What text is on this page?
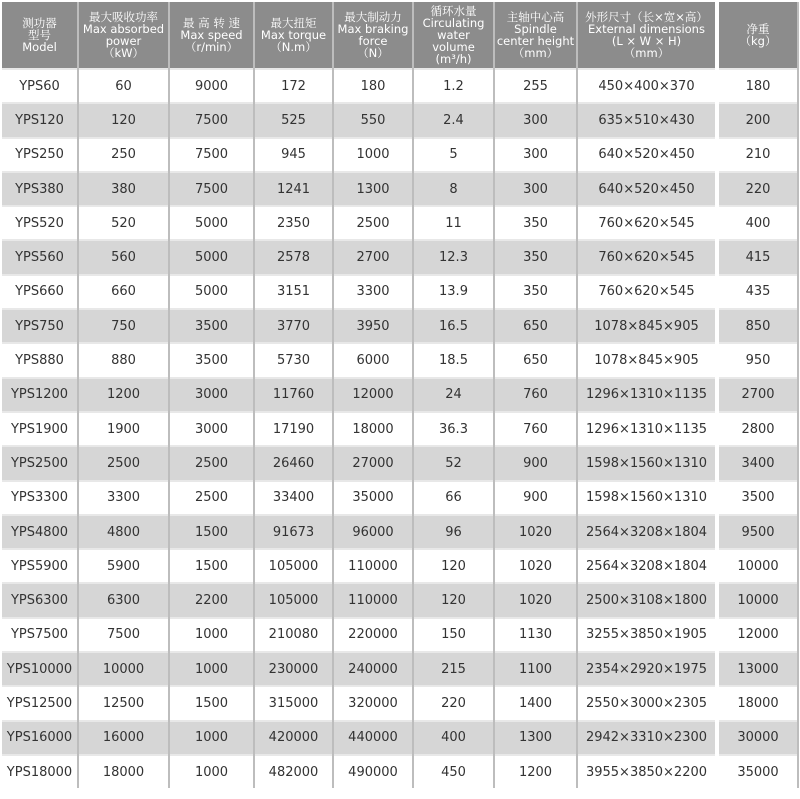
测功器
型号
Model	最大吸收功率
Max absorbed
power
（kW）	最 高 转 速
Max speed
（r/min）	最大扭矩
Max torque
（N.m）	最大制动力
Max braking
force
（N）	循环水量
Circulating
water volume
(m³/h)	主轴中心高
Spindle
center height
（mm）	外形尺寸（长×宽×高）
External dimensions
(L × W × H)
（mm）	净重
（kg）

YPS60	60	9000	172	180	1.2	255	450×400×370	180
YPS120	120	7500	525	550	2.4	300	635×510×430	200
YPS250	250	7500	945	1000	5	300	640×520×450	210
YPS380	380	7500	1241	1300	8	300	640×520×450	220
YPS520	520	5000	2350	2500	11	350	760×620×545	400
YPS560	560	5000	2578	2700	12.3	350	760×620×545	415
YPS660	660	5000	3151	3300	13.9	350	760×620×545	435
YPS750	750	3500	3770	3950	16.5	650	1078×845×905	850
YPS880	880	3500	5730	6000	18.5	650	1078×845×905	950
YPS1200	1200	3000	11760	12000	24	760	1296×1310×1135	2700
YPS1900	1900	3000	17190	18000	36.3	760	1296×1310×1135	2800
YPS2500	2500	2500	26460	27000	52	900	1598×1560×1310	3400
YPS3300	3300	2500	33400	35000	66	900	1598×1560×1310	3500
YPS4800	4800	1500	91673	96000	96	1020	2564×3208×1804	9500
YPS5900	5900	1500	105000	110000	120	1020	2564×3208×1804	10000
YPS6300	6300	2200	105000	110000	120	1020	2500×3108×1800	10000
YPS7500	7500	1000	210080	220000	150	1130	3255×3850×1905	12000
YPS10000	10000	1000	230000	240000	215	1100	2354×2920×1975	13000
YPS12500	12500	1500	315000	320000	220	1400	2550×3000×2305	18000
YPS16000	16000	1000	420000	440000	400	1300	2942×3310×2300	30000
YPS18000	18000	1000	482000	490000	450	1200	3955×3850×2200	35000
